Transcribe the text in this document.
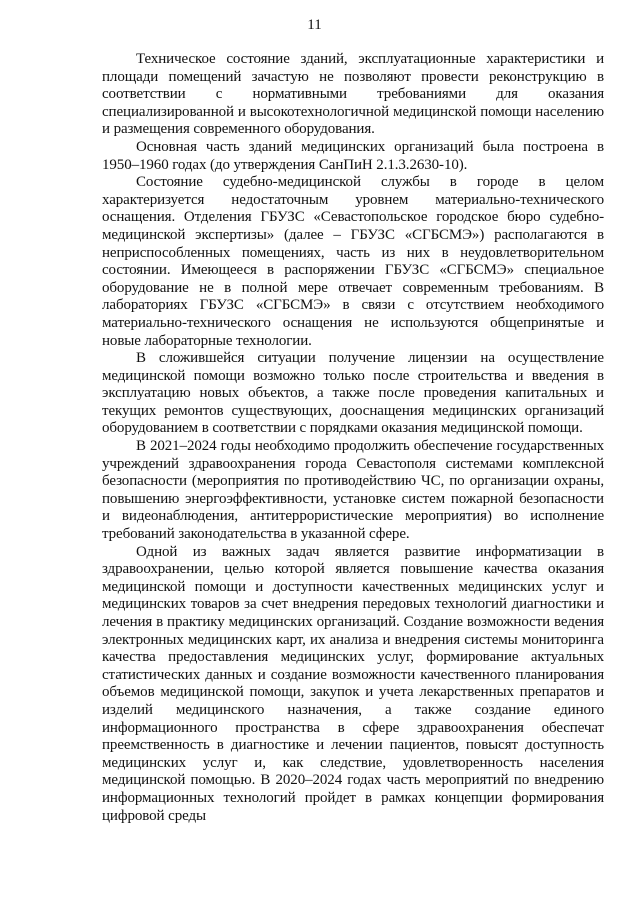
11

Техническое состояние зданий, эксплуатационные характеристики и площади помещений зачастую не позволяют провести реконструкцию в соответствии с нормативными требованиями для оказания специализированной и высокотехнологичной медицинской помощи населению и размещения современного оборудования.

Основная часть зданий медицинских организаций была построена в 1950–1960 годах (до утверждения СанПиН 2.1.3.2630-10).

Состояние судебно-медицинской службы в городе в целом характеризуется недостаточным уровнем материально-технического оснащения. Отделения ГБУЗС «Севастопольское городское бюро судебно-медицинской экспертизы» (далее – ГБУЗС «СГБСМЭ») располагаются в неприспособленных помещениях, часть из них в неудовлетворительном состоянии. Имеющееся в распоряжении ГБУЗС «СГБСМЭ» специальное оборудование не в полной мере отвечает современным требованиям. В лабораториях ГБУЗС «СГБСМЭ» в связи с отсутствием необходимого материально-технического оснащения не используются общепринятые и новые лабораторные технологии.

В сложившейся ситуации получение лицензии на осуществление медицинской помощи возможно только после строительства и введения в эксплуатацию новых объектов, а также после проведения капитальных и текущих ремонтов существующих, дооснащения медицинских организаций оборудованием в соответствии с порядками оказания медицинской помощи.

В 2021–2024 годы необходимо продолжить обеспечение государственных учреждений здравоохранения города Севастополя системами комплексной безопасности (мероприятия по противодействию ЧС, по организации охраны, повышению энергоэффективности, установке систем пожарной безопасности и видеонаблюдения, антитеррористические мероприятия) во исполнение требований законодательства в указанной сфере.

Одной из важных задач является развитие информатизации в здравоохранении, целью которой является повышение качества оказания медицинской помощи и доступности качественных медицинских услуг и медицинских товаров за счет внедрения передовых технологий диагностики и лечения в практику медицинских организаций. Создание возможности ведения электронных медицинских карт, их анализа и внедрения системы мониторинга качества предоставления медицинских услуг, формирование актуальных статистических данных и создание возможности качественного планирования объемов медицинской помощи, закупок и учета лекарственных препаратов и изделий медицинского назначения, а также создание единого информационного пространства в сфере здравоохранения обеспечат преемственность в диагностике и лечении пациентов, повысят доступность медицинских услуг и, как следствие, удовлетворенность населения медицинской помощью. В 2020–2024 годах часть мероприятий по внедрению информационных технологий пройдет в рамках концепции формирования цифровой среды
